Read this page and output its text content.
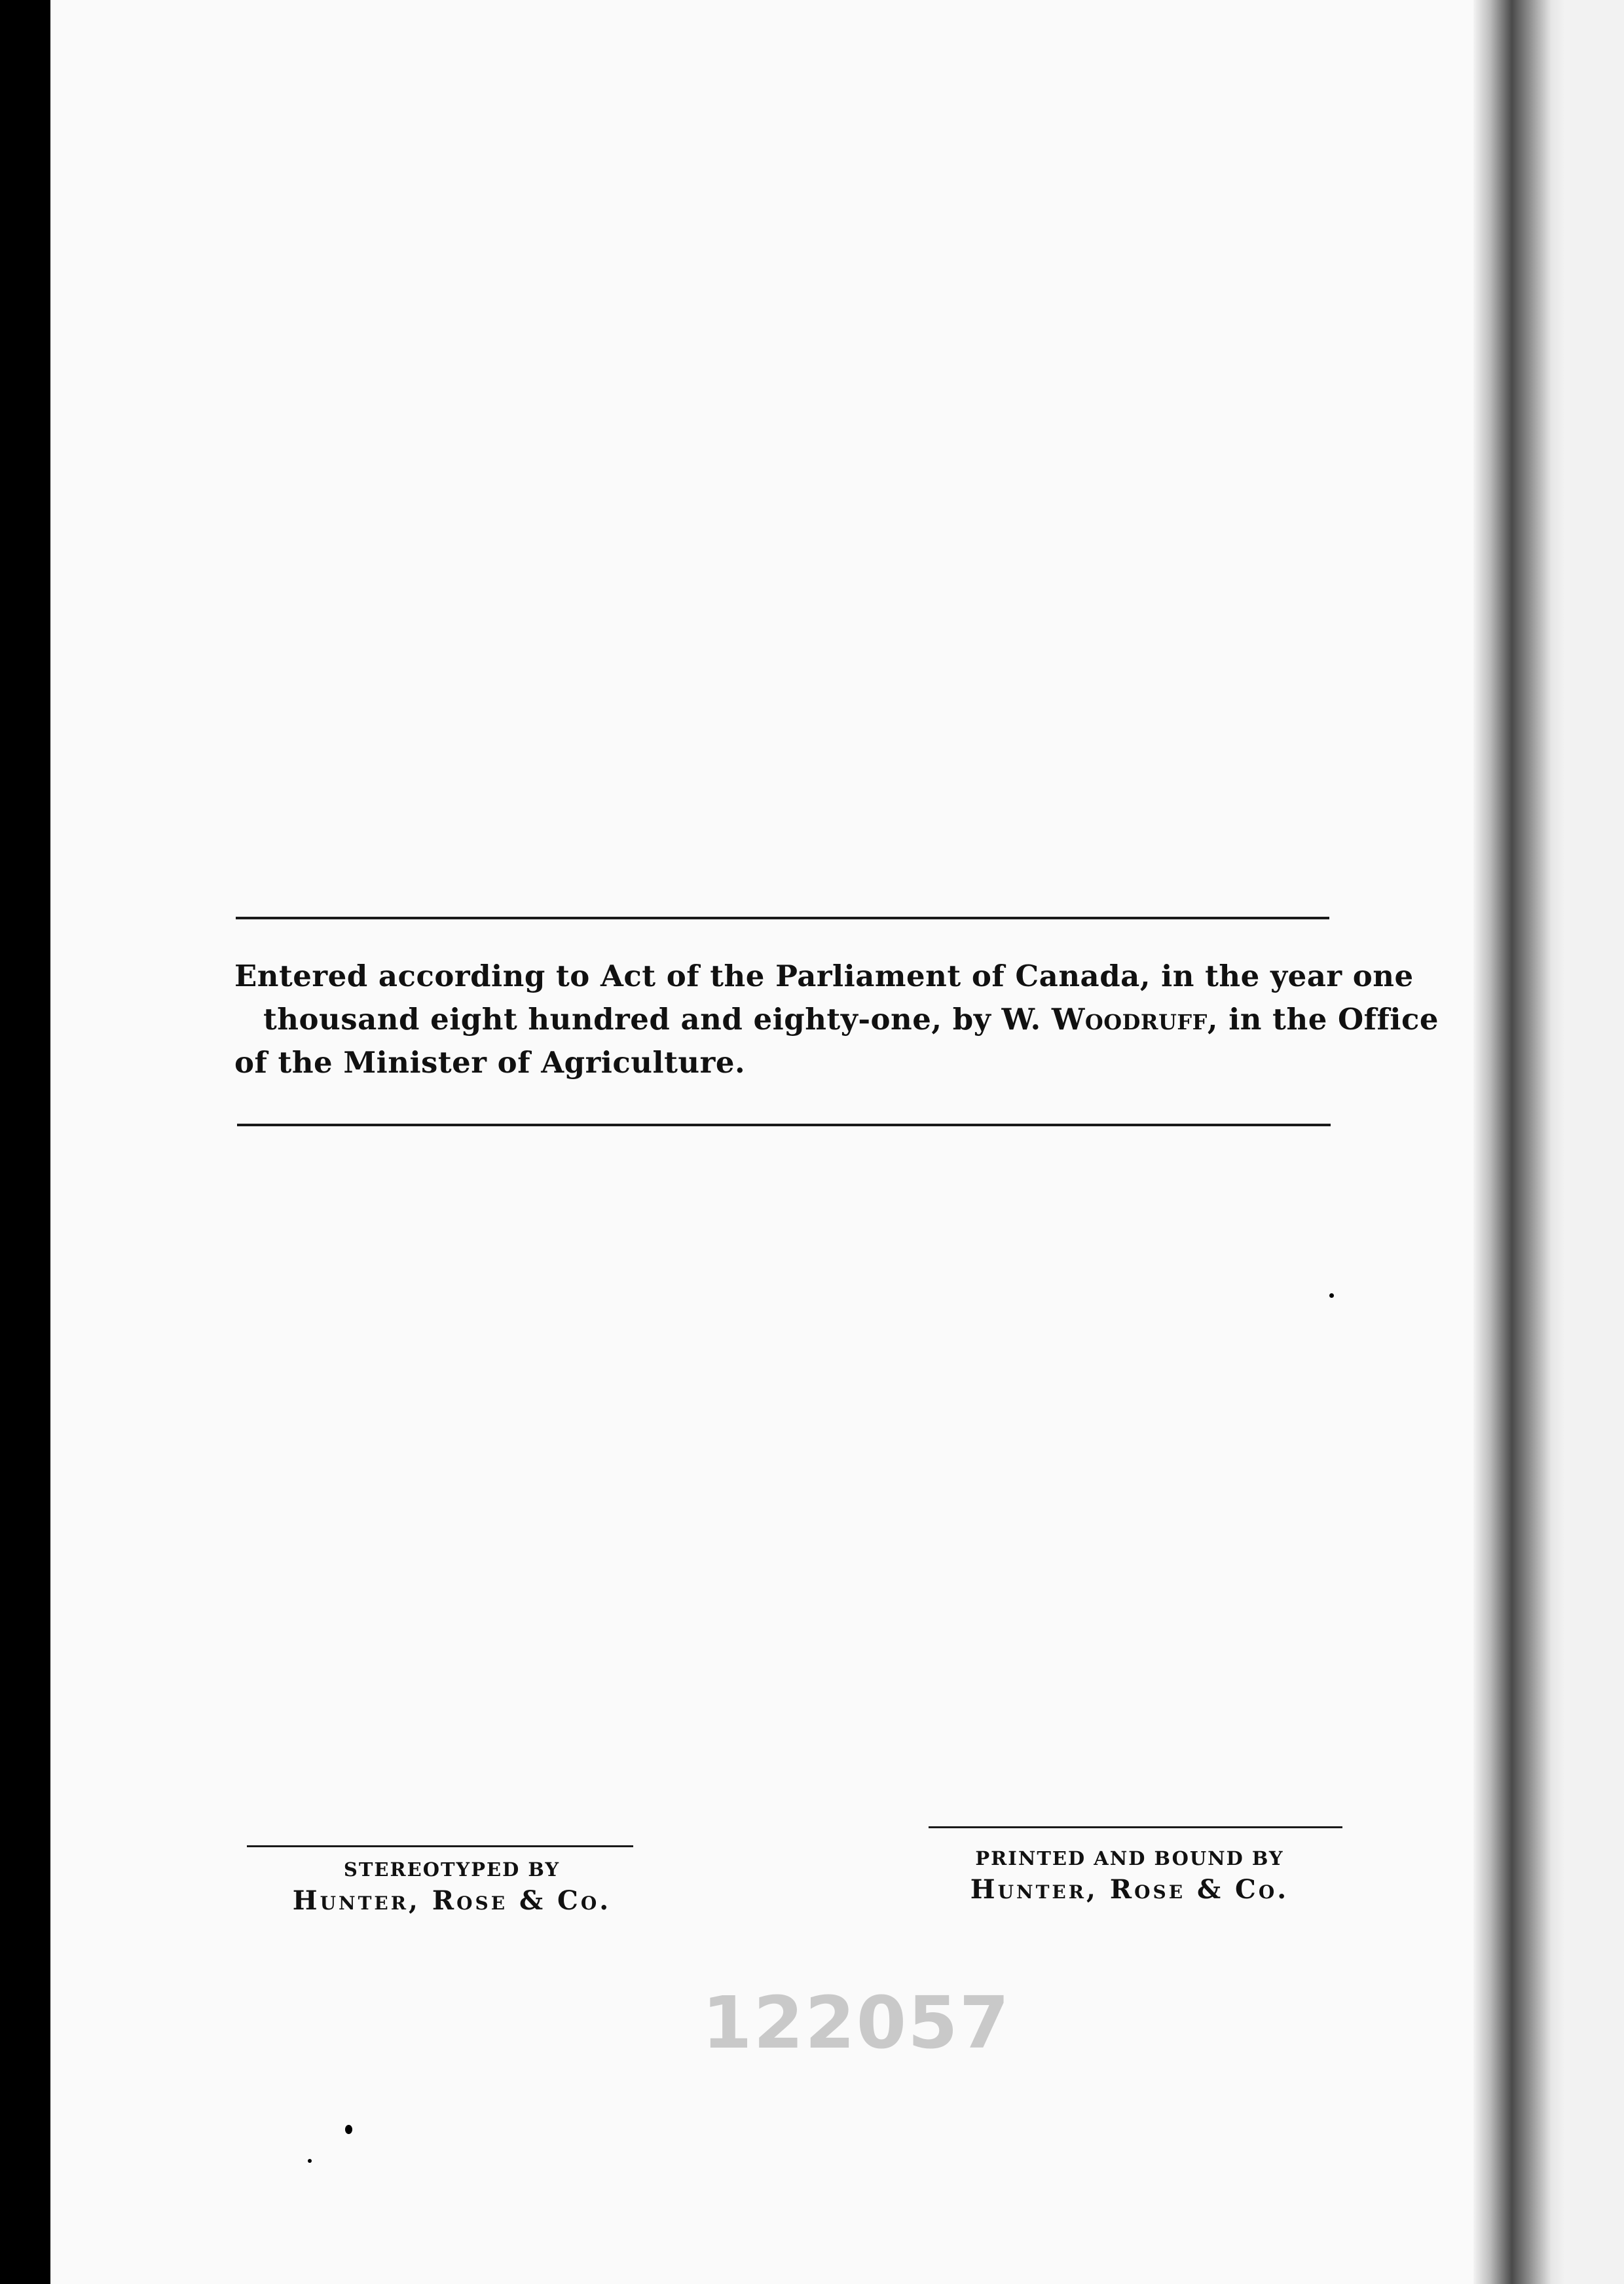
Entered according to Act of the Parliament of Canada, in the year one
thousand eight hundred and eighty-one, by W. Woodruff, in the Office
of the Minister of Agriculture.
STEREOTYPED BY
Hunter, Rose & Co.
PRINTED AND BOUND BY
Hunter, Rose & Co.
122057
